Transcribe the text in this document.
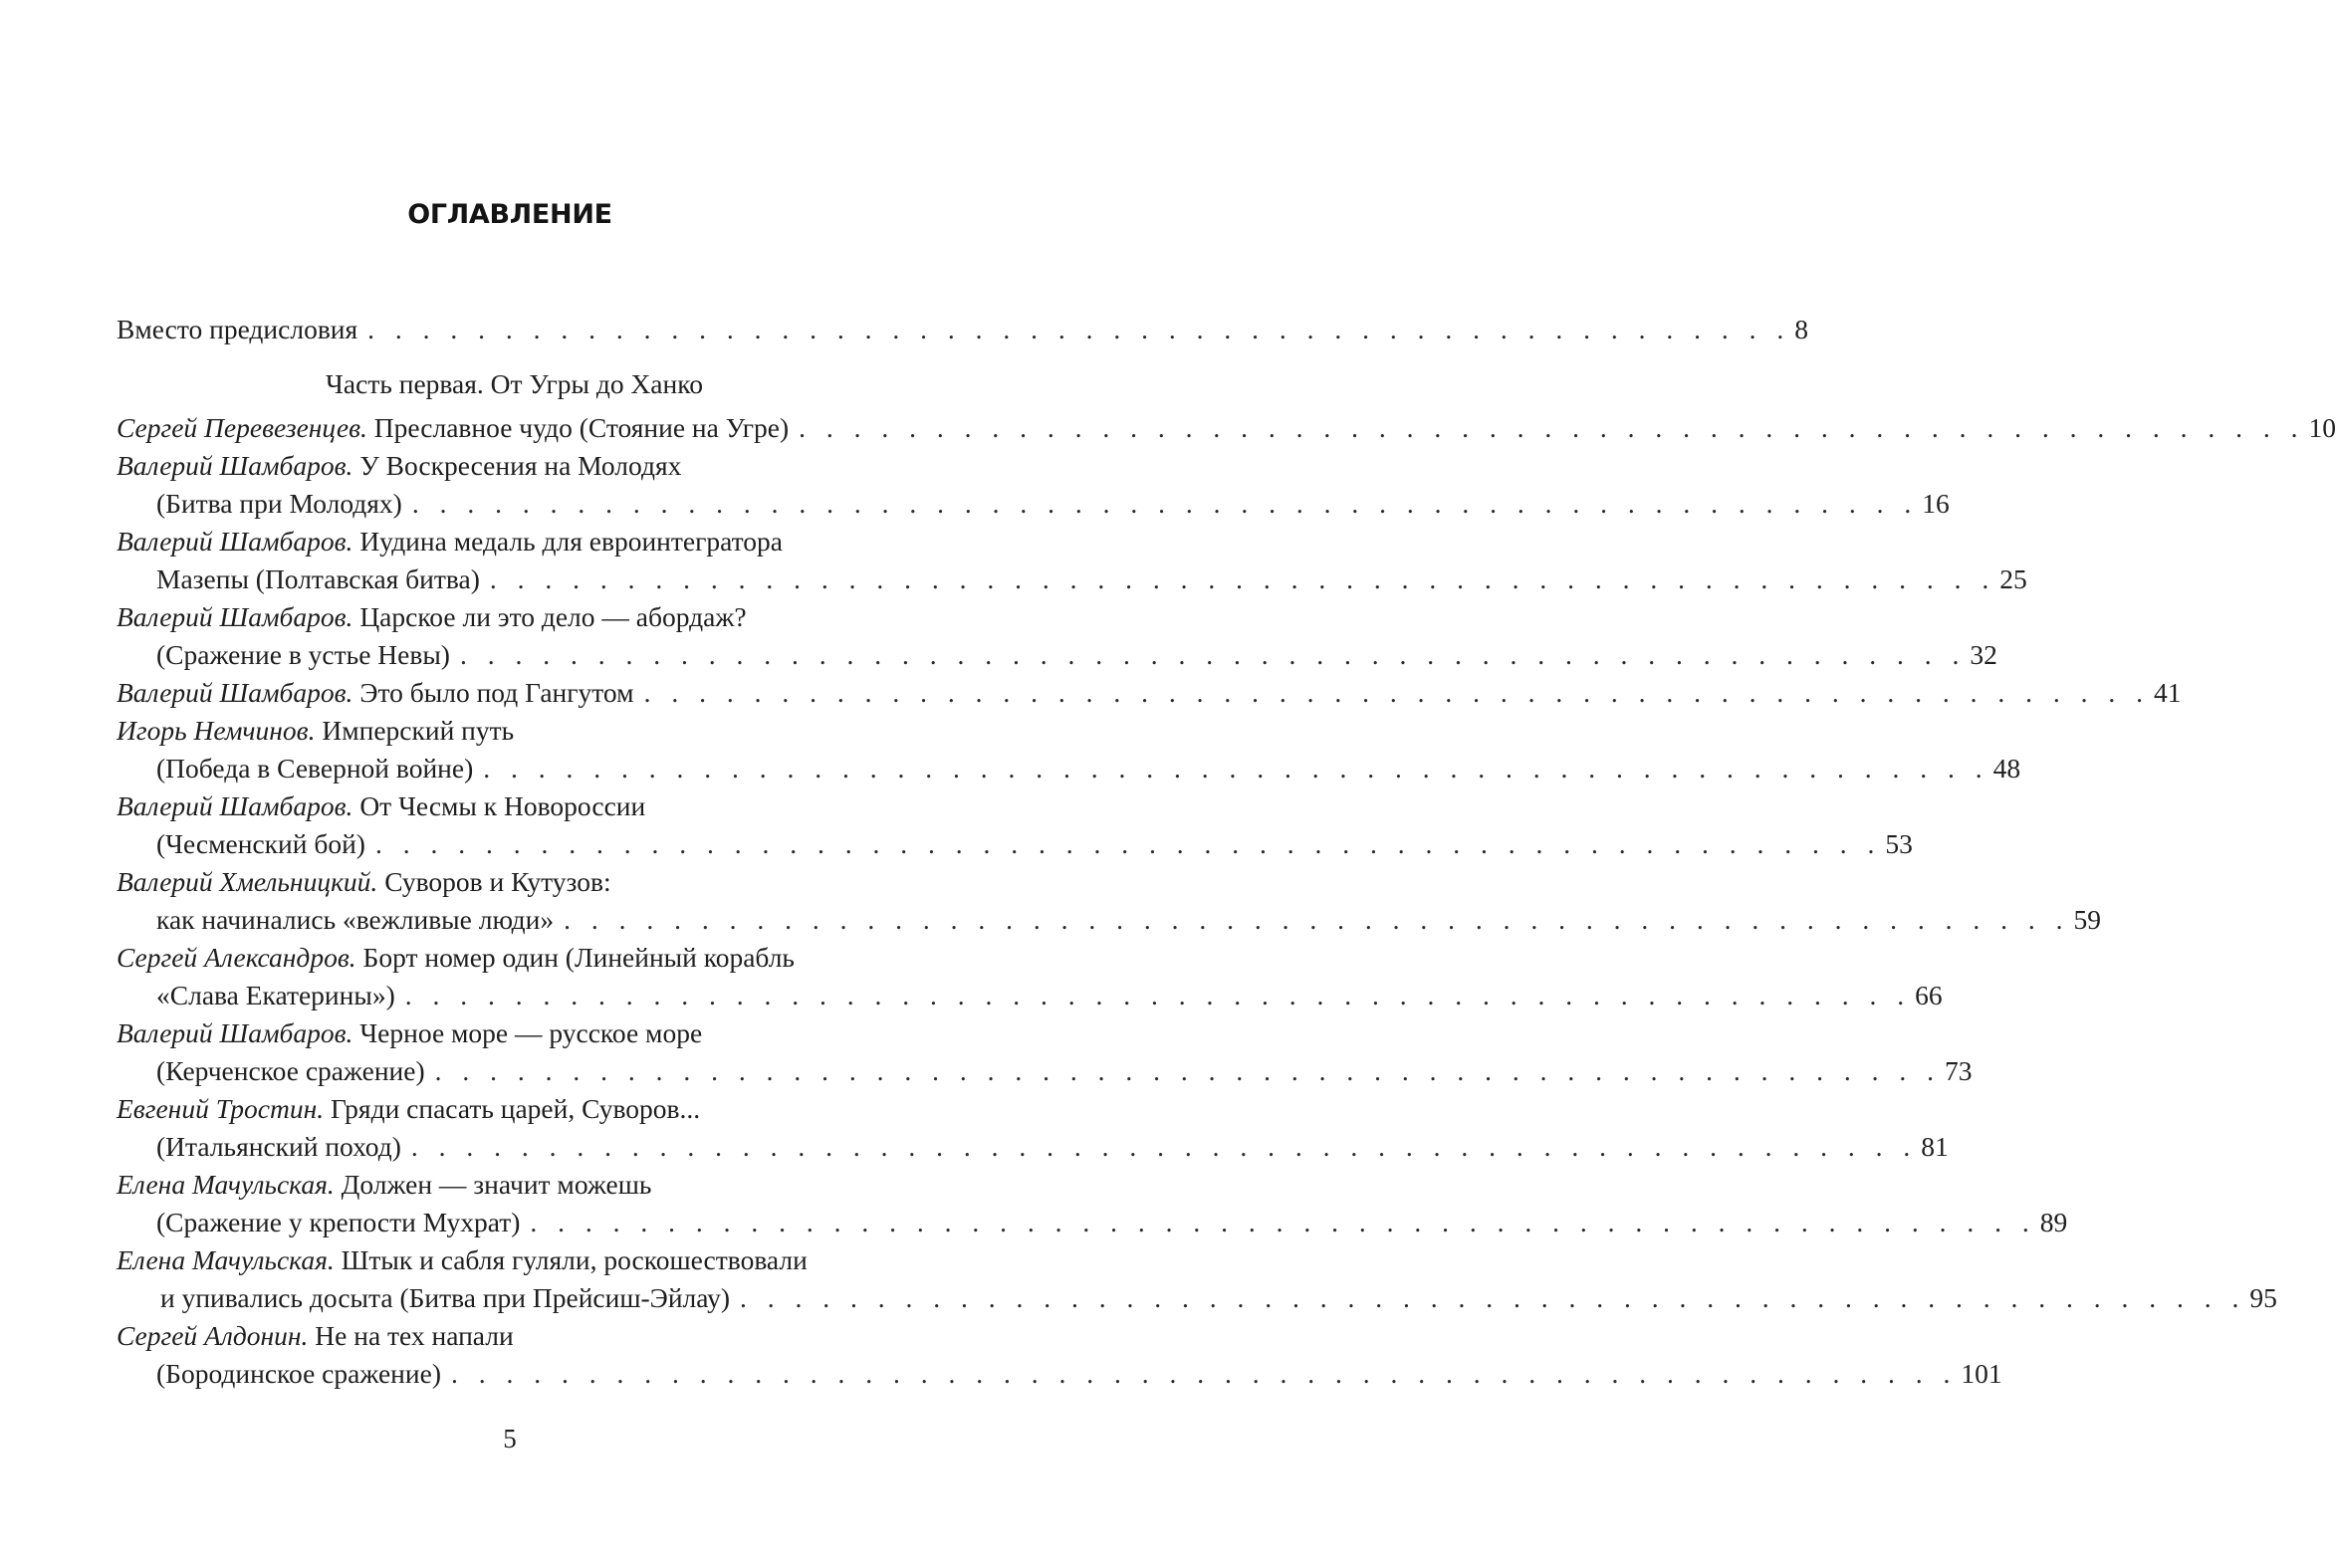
ОГЛАВЛЕНИЕ
Вместо предисловия . . . . . . . . . . . . . . . . . . . . . . . . . . . . . . . . . . . . . . . . . . . . . . . . . . . . 8
Часть первая. От Угры до Ханко
Сергей Перевезенцев. Преславное чудо (Стояние на Угре) . . . . . . . . . . . . . . . . . . . . . . . . . . . . . . . . . . . . . . . . . . . . . . . . . . . . . . . 10
Валерий Шамбаров. У Воскресения на Молодях
(Битва при Молодях) . . . . . . . . . . . . . . . . . . . . . . . . . . . . . . . . . . . . . . . . . . . . . . . . . . . . . . . 16
Валерий Шамбаров. Иудина медаль для евроинтегратора
Мазепы (Полтавская битва) . . . . . . . . . . . . . . . . . . . . . . . . . . . . . . . . . . . . . . . . . . . . . . . . . . . . . . . 25
Валерий Шамбаров. Царское ли это дело — абордаж?
(Сражение в устье Невы) . . . . . . . . . . . . . . . . . . . . . . . . . . . . . . . . . . . . . . . . . . . . . . . . . . . . . . . 32
Валерий Шамбаров. Это было под Гангутом . . . . . . . . . . . . . . . . . . . . . . . . . . . . . . . . . . . . . . . . . . . . . . . . . . . . . . . 41
Игорь Немчинов. Имперский путь
(Победа в Северной войне) . . . . . . . . . . . . . . . . . . . . . . . . . . . . . . . . . . . . . . . . . . . . . . . . . . . . . . . 48
Валерий Шамбаров. От Чесмы к Новороссии
(Чесменский бой) . . . . . . . . . . . . . . . . . . . . . . . . . . . . . . . . . . . . . . . . . . . . . . . . . . . . . . . 53
Валерий Хмельницкий. Суворов и Кутузов:
как начинались «вежливые люди» . . . . . . . . . . . . . . . . . . . . . . . . . . . . . . . . . . . . . . . . . . . . . . . . . . . . . . . 59
Сергей Александров. Борт номер один (Линейный корабль
«Слава Екатерины») . . . . . . . . . . . . . . . . . . . . . . . . . . . . . . . . . . . . . . . . . . . . . . . . . . . . . . . 66
Валерий Шамбаров. Черное море — русское море
(Керченское сражение) . . . . . . . . . . . . . . . . . . . . . . . . . . . . . . . . . . . . . . . . . . . . . . . . . . . . . . . 73
Евгений Тростин. Гряди спасать царей, Суворов...
(Итальянский поход) . . . . . . . . . . . . . . . . . . . . . . . . . . . . . . . . . . . . . . . . . . . . . . . . . . . . . . . 81
Елена Мачульская. Должен — значит можешь
(Сражение у крепости Мухрат) . . . . . . . . . . . . . . . . . . . . . . . . . . . . . . . . . . . . . . . . . . . . . . . . . . . . . . . 89
Елена Мачульская. Штык и сабля гуляли, роскошествовали
и упивались досыта (Битва при Прейсиш-Эйлау) . . . . . . . . . . . . . . . . . . . . . . . . . . . . . . . . . . . . . . . . . . . . . . . . . . . . . . . 95
Сергей Алдонин. Не на тех напали
(Бородинское сражение) . . . . . . . . . . . . . . . . . . . . . . . . . . . . . . . . . . . . . . . . . . . . . . . . . . . . . . . 101
5
